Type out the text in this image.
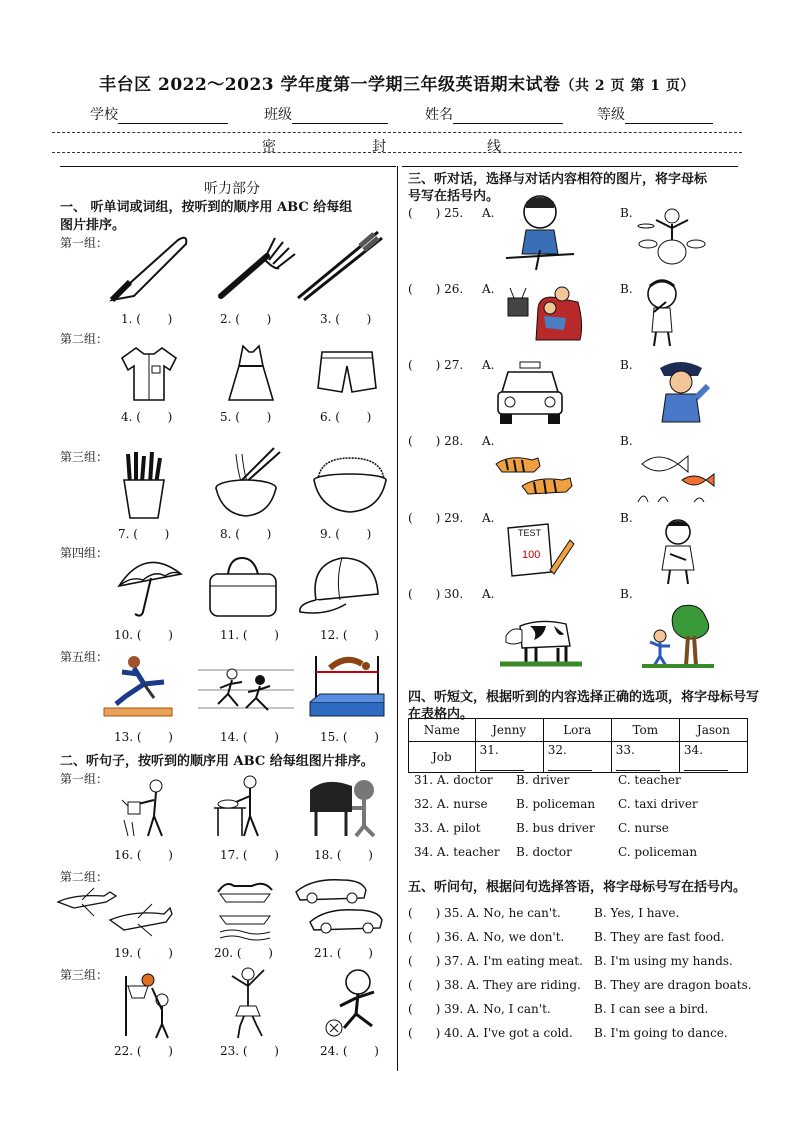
丰台区 2022～2023 学年度第一学期三年级英语期末试卷（共 2 页 第 1 页）
学校	班级	姓名	等级
密	封	线
听力部分
一、 听单词或词组，按听到的顺序用 ABC 给每组
图片排序。
第一组：
1. (       )	2. (       )	3. (       )
第二组：
4. (       )	5. (       )	6. (       )
第三组：
7. (       )	8. (       )	9. (       )
第四组：
10. (       )	11. (       )	12. (       )
第五组：
13. (       )	14. (       )	15. (       )
二、听句子，按听到的顺序用 ABC 给每组图片排序。
第一组：
16. (       )	17. (       )	18. (       )
第二组：
19. (       )	20. (       )	21. (       )
第三组：
22. (       )	23. (       )	24. (       )
三、听对话，选择与对话内容相符的图片，将字母标
号写在括号内。
(      ) 25. A.	B.
(      ) 26. A.	B.
(      ) 27. A.	B.
(      ) 28. A.	B.
(      ) 29. A.	B.
TEST
100
(      ) 30. A.	B.
四、听短文，根据听到的内容选择正确的选项，将字母标号写
在表格内。
Name	Jenny	Lora	Tom	Jason
Job	31.	32.	33.	34.
31. A. doctor B. driver	C. teacher
32. A. nurse B. policeman C. taxi driver
33. A. pilot	B. bus driver C. nurse
34. A. teacher B. doctor	C. policeman
五、听问句，根据问句选择答语，将字母标号写在括号内。
(      ) 35. A. No, he can't.	B. Yes, I have.
(      ) 36. A. No, we don't. B. They are fast food.
(      ) 37. A. I'm eating meat. B. I'm using my hands.
(      ) 38. A. They are riding. B. They are dragon boats.
(      ) 39. A. No, I can't.	B. I can see a bird.
(      ) 40. A. I've got a cold. B. I'm going to dance.
